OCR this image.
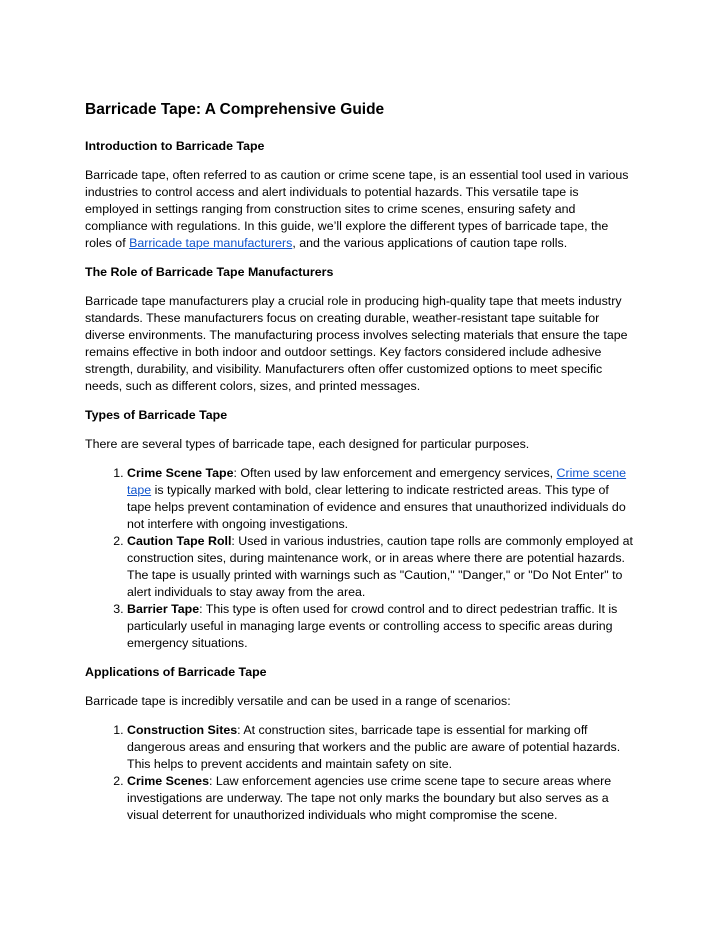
Barricade Tape: A Comprehensive Guide
Introduction to Barricade Tape

Barricade tape, often referred to as caution or crime scene tape, is an essential tool used in various industries to control access and alert individuals to potential hazards. This versatile tape is employed in settings ranging from construction sites to crime scenes, ensuring safety and compliance with regulations. In this guide, we’ll explore the different types of barricade tape, the roles of Barricade tape manufacturers, and the various applications of caution tape rolls.

The Role of Barricade Tape Manufacturers

Barricade tape manufacturers play a crucial role in producing high-quality tape that meets industry standards. These manufacturers focus on creating durable, weather-resistant tape suitable for diverse environments. The manufacturing process involves selecting materials that ensure the tape remains effective in both indoor and outdoor settings. Key factors considered include adhesive strength, durability, and visibility. Manufacturers often offer customized options to meet specific needs, such as different colors, sizes, and printed messages.

Types of Barricade Tape

There are several types of barricade tape, each designed for particular purposes.

1. Crime Scene Tape: Often used by law enforcement and emergency services, Crime scene tape is typically marked with bold, clear lettering to indicate restricted areas. This type of tape helps prevent contamination of evidence and ensures that unauthorized individuals do not interfere with ongoing investigations.
2. Caution Tape Roll: Used in various industries, caution tape rolls are commonly employed at construction sites, during maintenance work, or in areas where there are potential hazards. The tape is usually printed with warnings such as "Caution," "Danger," or "Do Not Enter" to alert individuals to stay away from the area.
3. Barrier Tape: This type is often used for crowd control and to direct pedestrian traffic. It is particularly useful in managing large events or controlling access to specific areas during emergency situations.
Applications of Barricade Tape

Barricade tape is incredibly versatile and can be used in a range of scenarios:

1. Construction Sites: At construction sites, barricade tape is essential for marking off dangerous areas and ensuring that workers and the public are aware of potential hazards. This helps to prevent accidents and maintain safety on site.
2. Crime Scenes: Law enforcement agencies use crime scene tape to secure areas where investigations are underway. The tape not only marks the boundary but also serves as a visual deterrent for unauthorized individuals who might compromise the scene.
